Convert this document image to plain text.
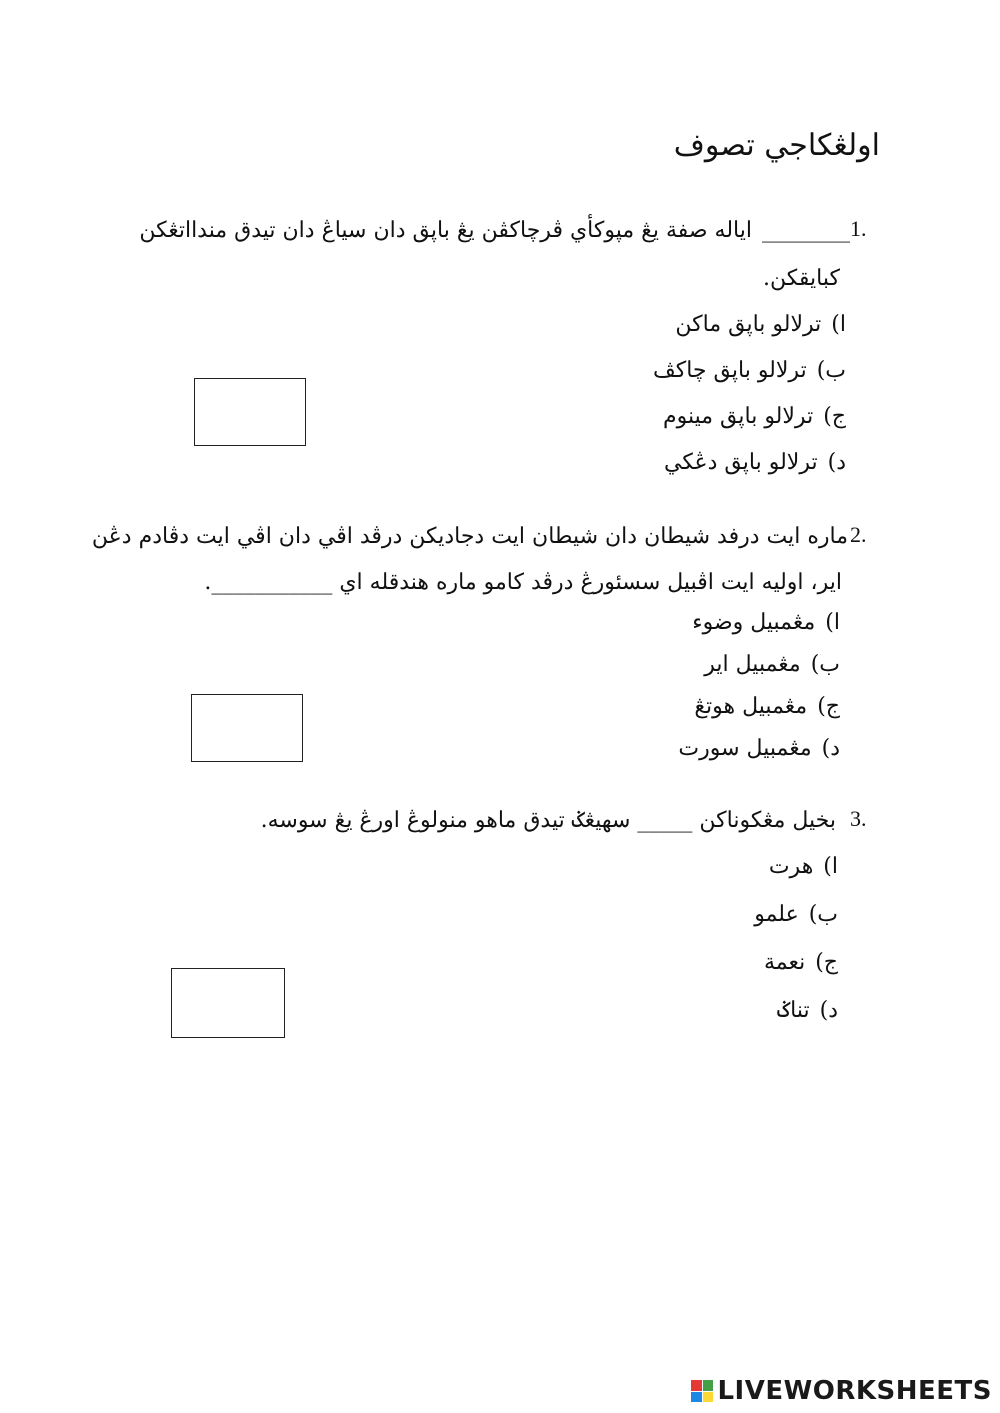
اولڠکاجي تصوف
1.
________اياله صفة يڠ مپوکأي ڤرچاکڤن يڠ باپق دان سياڠ دان تيدق مندااتڠکن
کبايقکن.
ا)ترلالو باپق ماکن
ب)ترلالو باپق چاکڤ
ج)ترلالو باپق مينوم
د)ترلالو باپق دڠکي
2.
ماره ايت درفد شيطان دان شيطان ايت دجاديکن درڤد اڤي دان اڤي ايت دڤادم دڠن
اير، اوليه ايت اڤبيل سسئورڠ درڤد کامو ماره هندقله اي ___________.
ا)مڠمبيل وضوء
ب)مڠمبيل اير
ج)مڠمبيل هوتڠ
د)مڠمبيل سورت
3.
بخيل مڠکوناکن _____ سهيڠݢ تيدق ماهو منولوڠ اورڠ يڠ سوسه.
ا)هرت
ب)علمو
ج)نعمة
د)تناݢ
LIVEWORKSHEETS
